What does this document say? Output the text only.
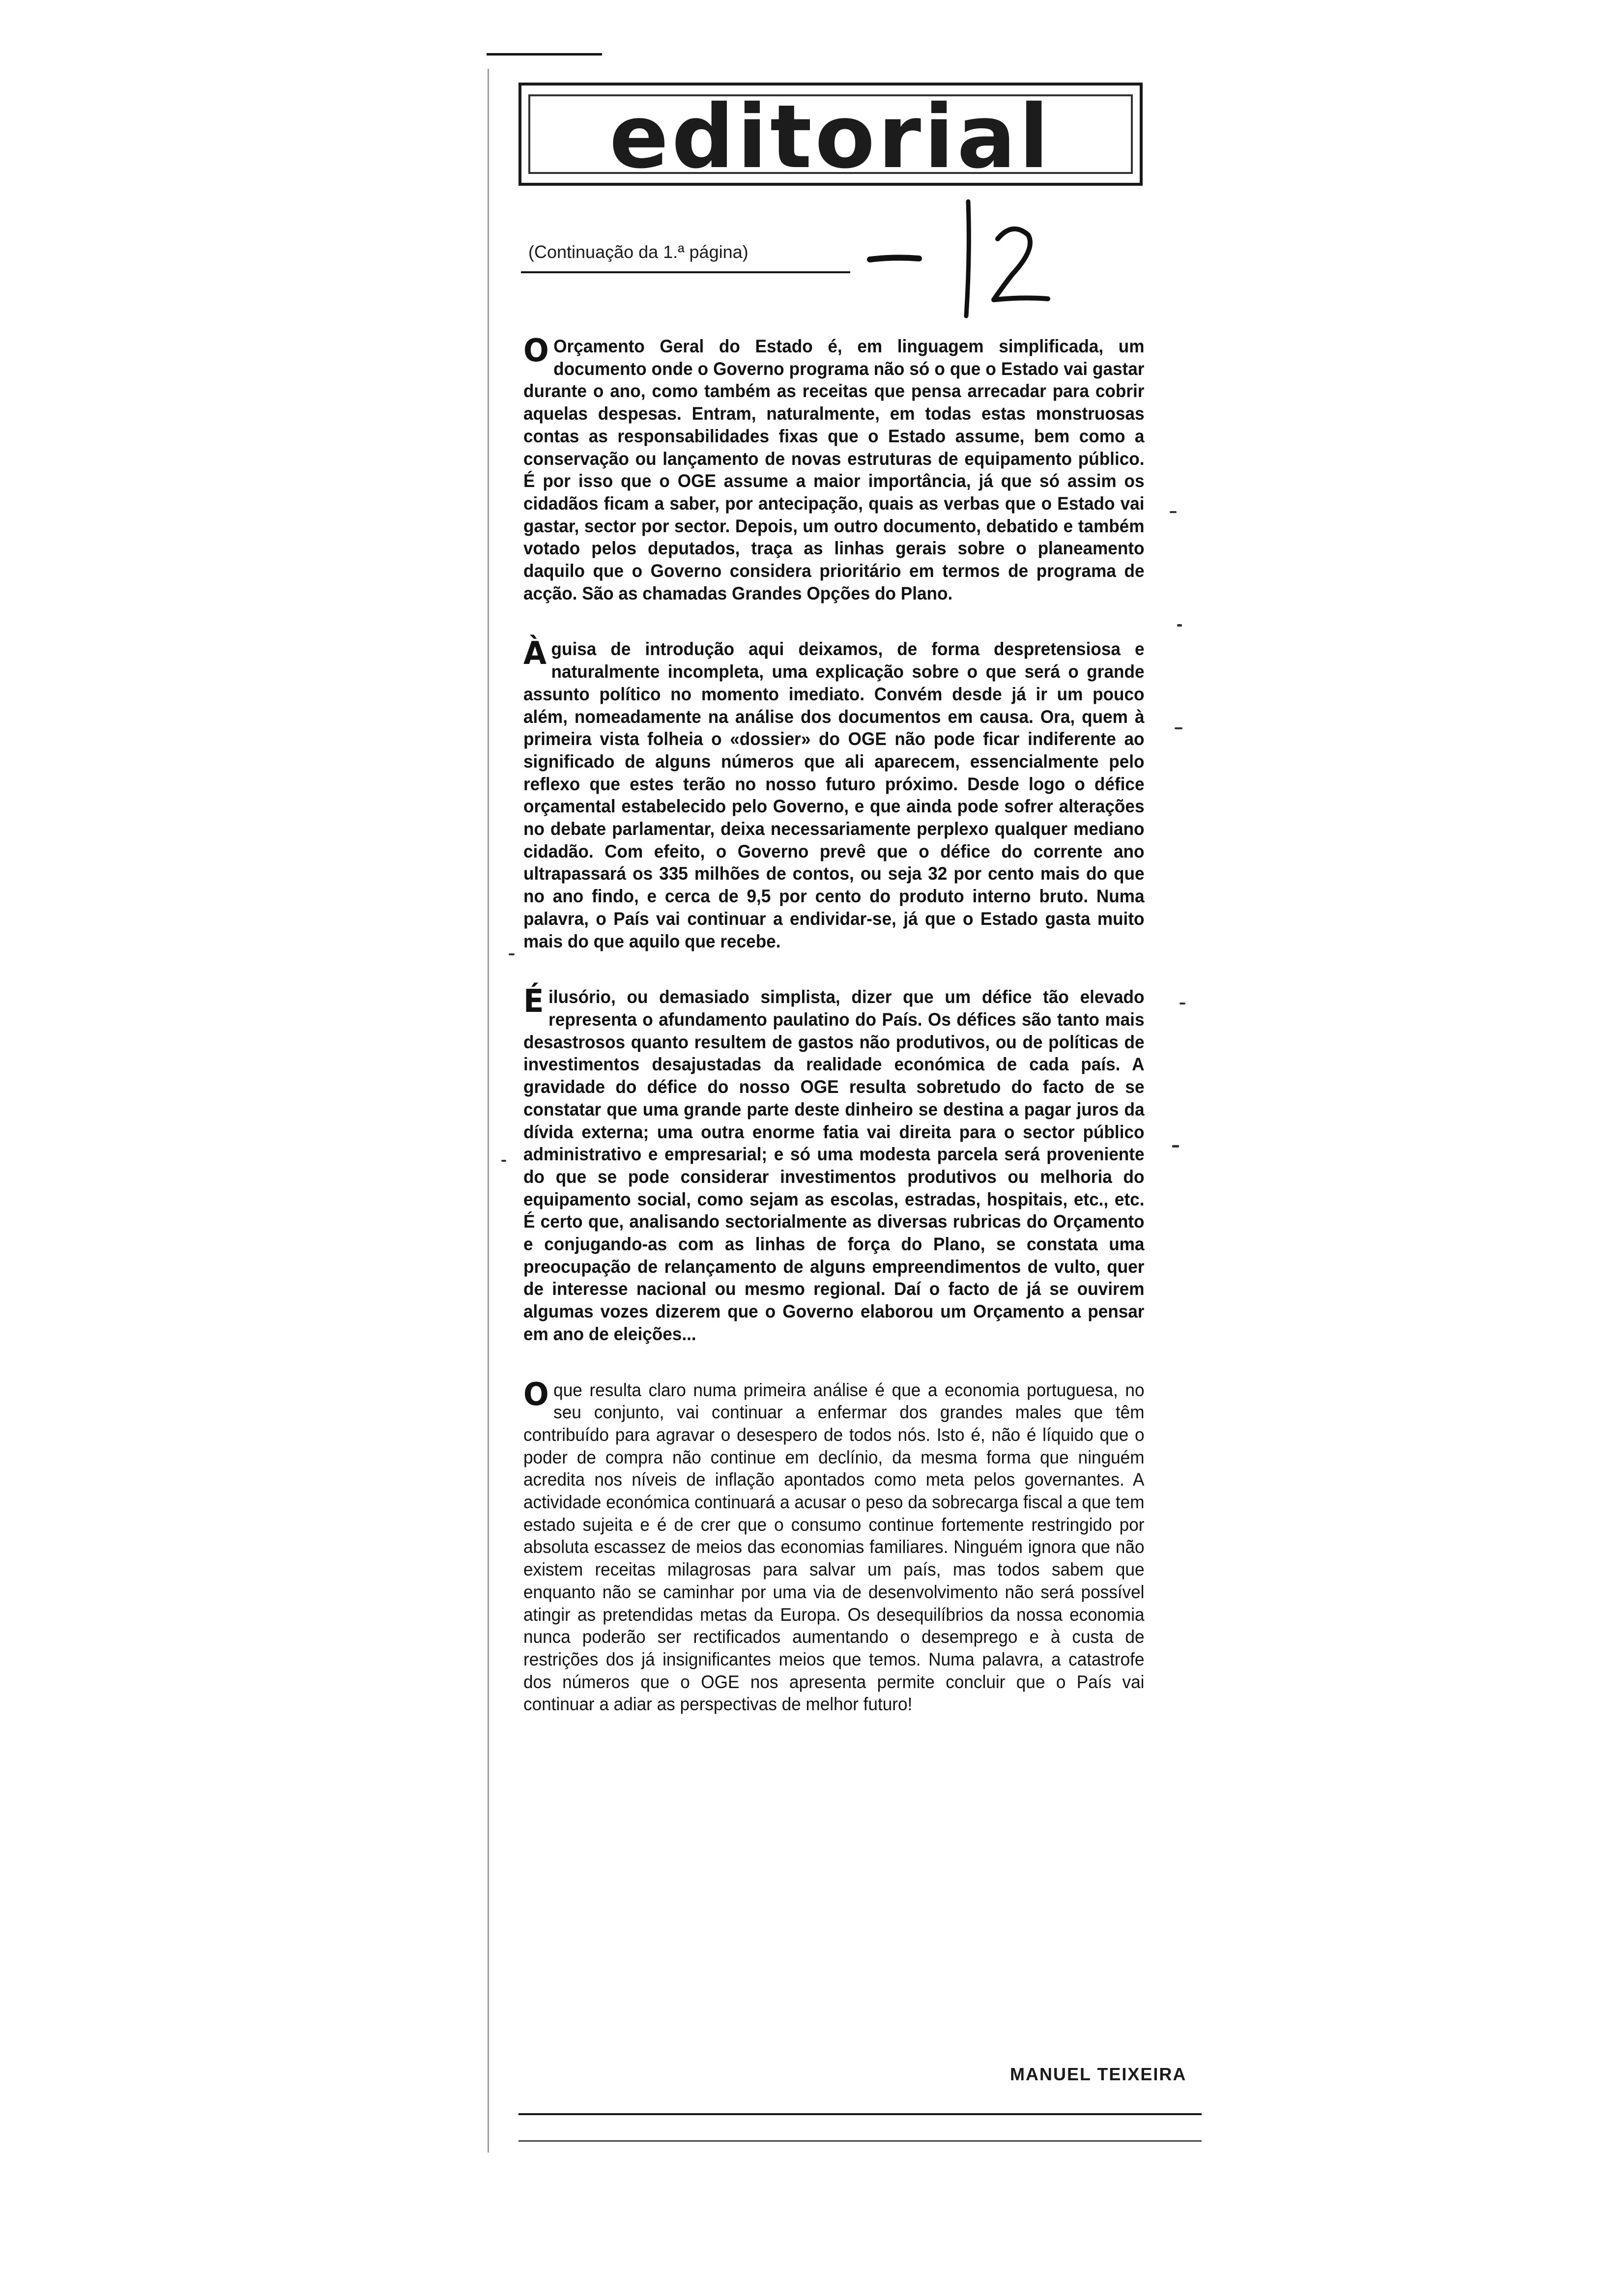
editorial
(Continuação da 1.ª página)

O Orçamento Geral do Estado é, em linguagem simplificada, um documento onde o Governo programa não só o que o Estado vai gastar durante o ano, como também as receitas que pensa arrecadar para cobrir aquelas despesas. Entram, naturalmente, em todas estas monstruosas contas as responsabilidades fixas que o Estado assume, bem como a conservação ou lançamento de novas estruturas de equipamento público. É por isso que o OGE assume a maior importância, já que só assim os cidadãos ficam a saber, por antecipação, quais as verbas que o Estado vai gastar, sector por sector. Depois, um outro documento, debatido e também votado pelos deputados, traça as linhas gerais sobre o planeamento daquilo que o Governo considera prioritário em termos de programa de acção. São as chamadas Grandes Opções do Plano.

À guisa de introdução aqui deixamos, de forma despretensiosa e naturalmente incompleta, uma explicação sobre o que será o grande assunto político no momento imediato. Convém desde já ir um pouco além, nomeadamente na análise dos documentos em causa. Ora, quem à primeira vista folheia o «dossier» do OGE não pode ficar indiferente ao significado de alguns números que ali aparecem, essencialmente pelo reflexo que estes terão no nosso futuro próximo. Desde logo o défice orçamental estabelecido pelo Governo, e que ainda pode sofrer alterações no debate parlamentar, deixa necessariamente perplexo qualquer mediano cidadão. Com efeito, o Governo prevê que o défice do corrente ano ultrapassará os 335 milhões de contos, ou seja 32 por cento mais do que no ano findo, e cerca de 9,5 por cento do produto interno bruto. Numa palavra, o País vai continuar a endividar-se, já que o Estado gasta muito mais do que aquilo que recebe.

É ilusório, ou demasiado simplista, dizer que um défice tão elevado representa o afundamento paulatino do País. Os défices são tanto mais desastrosos quanto resultem de gastos não produtivos, ou de políticas de investimentos desajustadas da realidade económica de cada país. A gravidade do défice do nosso OGE resulta sobretudo do facto de se constatar que uma grande parte deste dinheiro se destina a pagar juros da dívida externa; uma outra enorme fatia vai direita para o sector público administrativo e empresarial; e só uma modesta parcela será proveniente do que se pode considerar investimentos produtivos ou melhoria do equipamento social, como sejam as escolas, estradas, hospitais, etc., etc. É certo que, analisando sectorialmente as diversas rubricas do Orçamento e conjugando-as com as linhas de força do Plano, se constata uma preocupação de relançamento de alguns empreendimentos de vulto, quer de interesse nacional ou mesmo regional. Daí o facto de já se ouvirem algumas vozes dizerem que o Governo elaborou um Orçamento a pensar em ano de eleições...

O que resulta claro numa primeira análise é que a economia portuguesa, no seu conjunto, vai continuar a enfermar dos grandes males que têm contribuído para agravar o desespero de todos nós. Isto é, não é líquido que o poder de compra não continue em declínio, da mesma forma que ninguém acredita nos níveis de inflação apontados como meta pelos governantes. A actividade económica continuará a acusar o peso da sobrecarga fiscal a que tem estado sujeita e é de crer que o consumo continue fortemente restringido por absoluta escassez de meios das economias familiares. Ninguém ignora que não existem receitas milagrosas para salvar um país, mas todos sabem que enquanto não se caminhar por uma via de desenvolvimento não será possível atingir as pretendidas metas da Europa. Os desequilíbrios da nossa economia nunca poderão ser rectificados aumentando o desemprego e à custa de restrições dos já insignificantes meios que temos. Numa palavra, a catastrofe dos números que o OGE nos apresenta permite concluir que o País vai continuar a adiar as perspectivas de melhor futuro!

MANUEL TEIXEIRA
